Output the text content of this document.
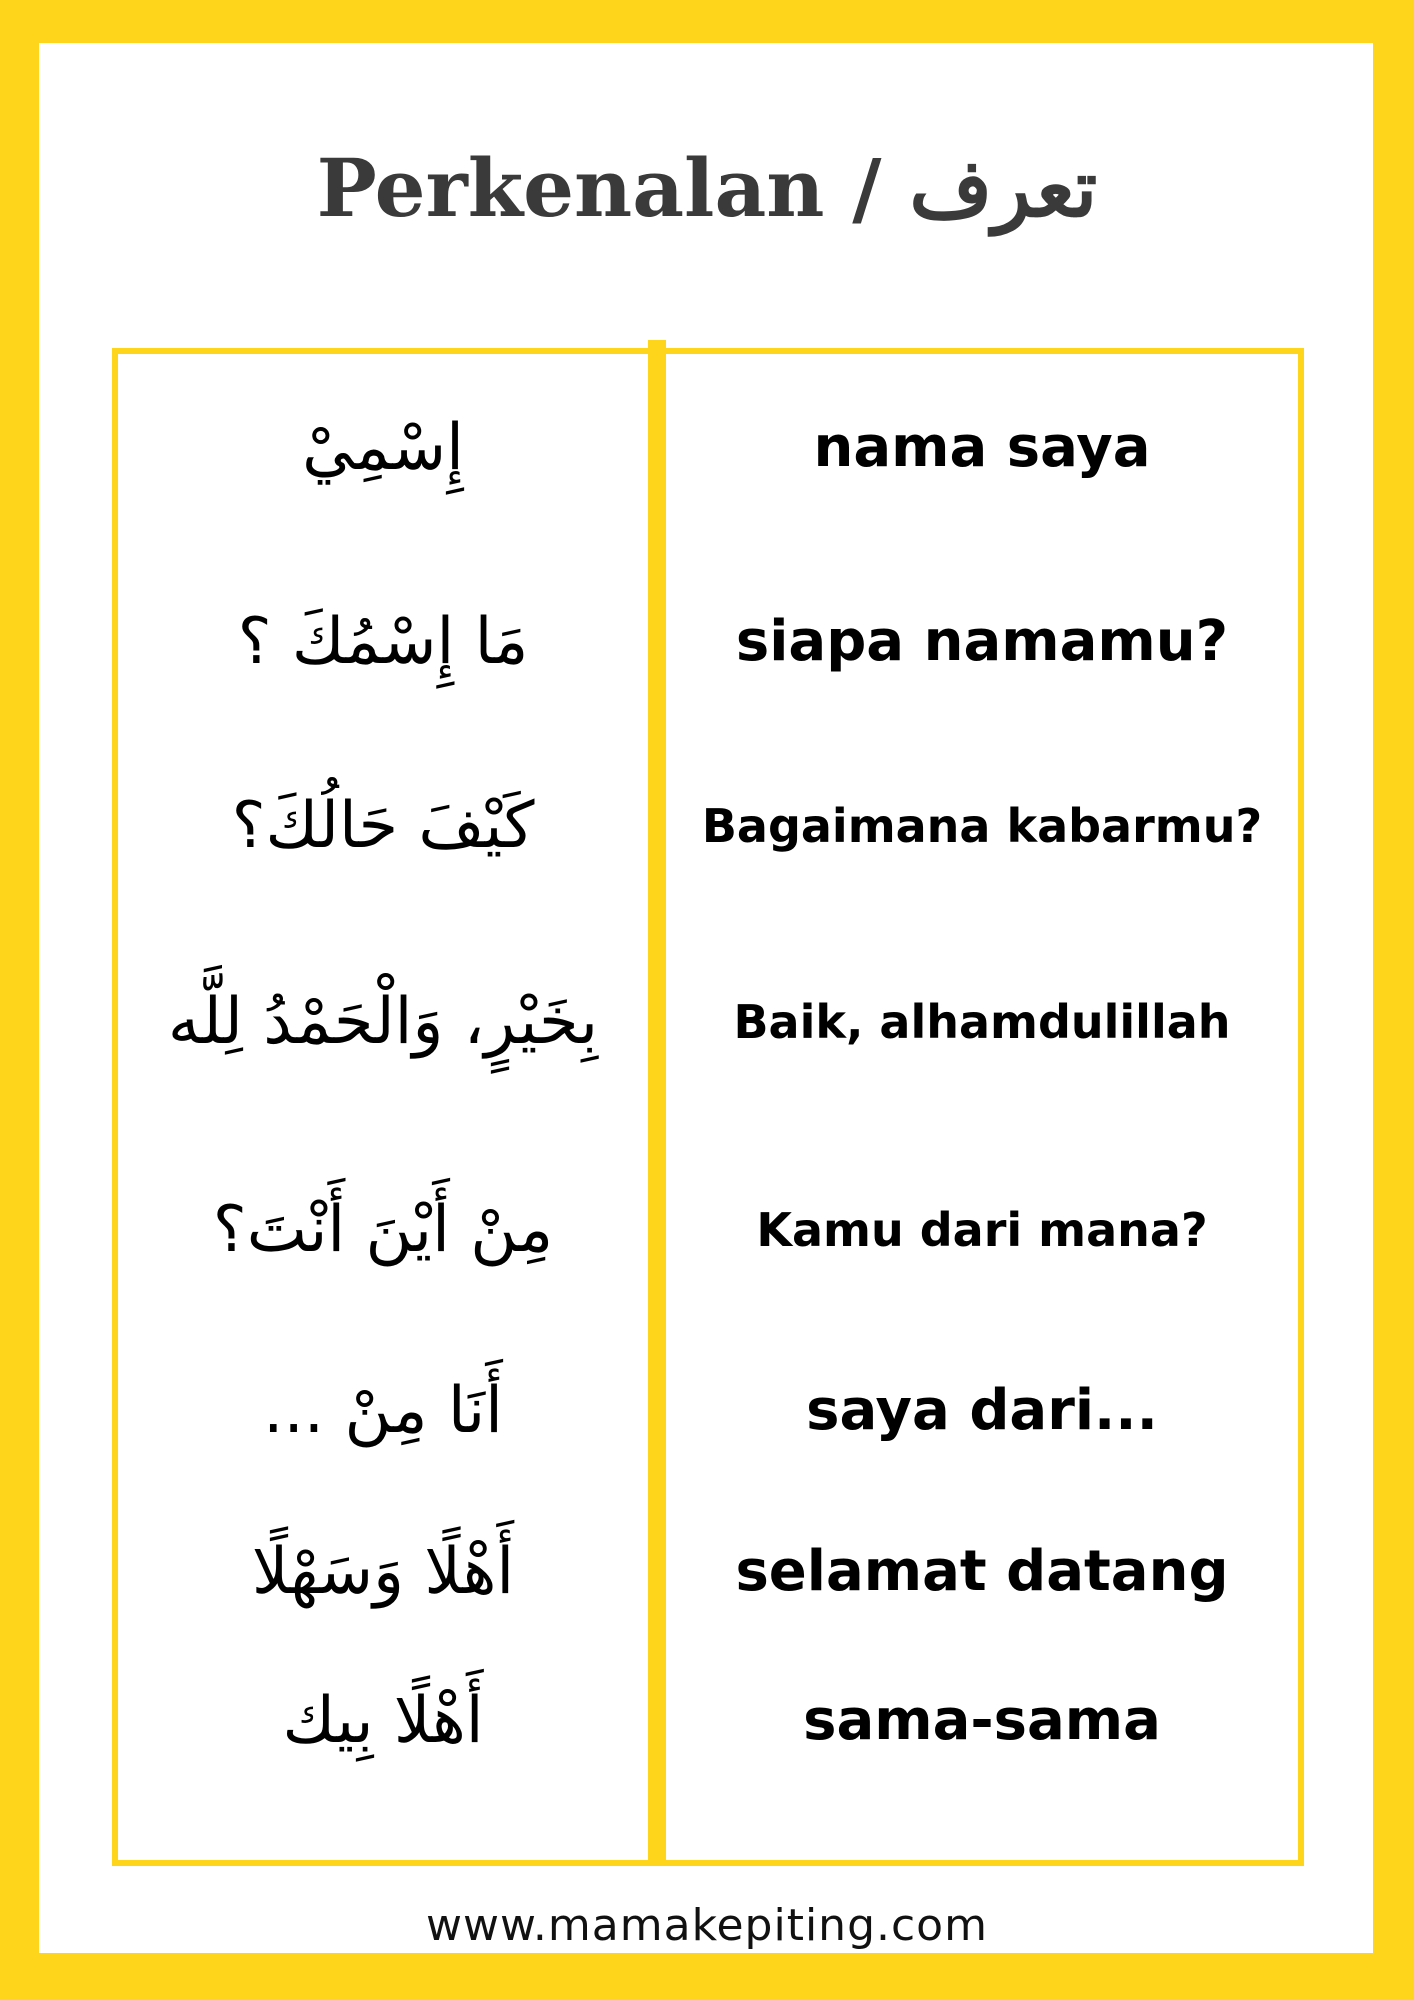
Perkenalan / تعرف
إِسْمِيْ	nama saya
مَا إِسْمُكَ ؟	siapa namamu?
كَيْفَ حَالُكَ؟	Bagaimana kabarmu?
بِخَيْرٍ، وَالْحَمْدُ لِلَّه	Baik, alhamdulillah
مِنْ أَيْنَ أَنْتَ؟	Kamu dari mana?
أَنَا مِنْ ...	saya dari...
أَهْلًا وَسَهْلًا	selamat datang
أَهْلًا بِيك	sama-sama
www.mamakepiting.com
